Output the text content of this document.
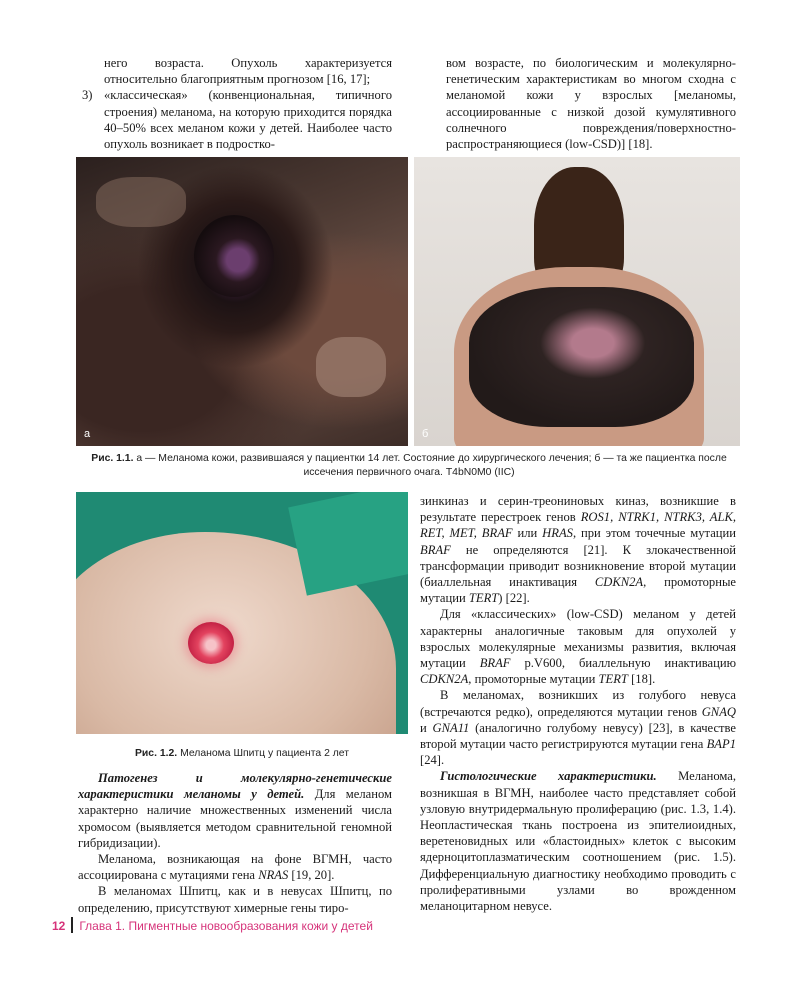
него возраста. Опухоль характеризуется относительно благоприятным прогнозом [16, 17];

3) «классическая» (конвенциональная, типичного строения) меланома, на которую приходится порядка 40–50% всех меланом кожи у детей. Наиболее часто опухоль возникает в подростко-

вом возрасте, по биологическим и молекулярно-генетическим характеристикам во многом сходна с меланомой кожи у взрослых [меланомы, ассоциированные с низкой дозой кумулятивного солнечного повреждения/поверхностно-распространяющиеся (low-CSD)] [18].

а	б
Рис. 1.1. а — Меланома кожи, развившаяся у пациентки 14 лет. Состояние до хирургического лечения; б — та же пациентка после иссечения первичного очага. T4bN0M0 (IIC)
Рис. 1.2. Меланома Шпитц у пациента 2 лет

Патогенез и молекулярно-генетические характеристики меланомы у детей. Для меланом характерно наличие множественных изменений числа хромосом (выявляется методом сравнительной геномной гибридизации).

Меланома, возникающая на фоне ВГМН, часто ассоциирована с мутациями гена NRAS [19, 20].

В меланомах Шпитц, как и в невусах Шпитц, по определению, присутствуют химерные гены тиро-

зинкиназ и серин-треониновых киназ, возникшие в результате перестроек генов ROS1, NTRK1, NTRK3, ALK, RET, MET, BRAF или HRAS, при этом точечные мутации BRAF не определяются [21]. К злокачественной трансформации приводит возникновение второй мутации (биаллельная инактивация CDKN2A, промоторные мутации TERT) [22].

Для «классических» (low-CSD) меланом у детей характерны аналогичные таковым для опухолей у взрослых молекулярные механизмы развития, включая мутации BRAF p.V600, биаллельную инактивацию CDKN2A, промоторные мутации TERT [18].

В меланомах, возникших из голубого невуса (встречаются редко), определяются мутации генов GNAQ и GNA11 (аналогично голубому невусу) [23], в качестве второй мутации часто регистрируются мутации гена BAP1 [24].

Гистологические характеристики. Меланома, возникшая в ВГМН, наиболее часто представляет собой узловую внутридермальную пролиферацию (рис. 1.3, 1.4). Неопластическая ткань построена из эпителиоидных, веретеновидных или «бластоидных» клеток с высоким ядерноцитоплазматическим соотношением (рис. 1.5). Дифференциальную диагностику необходимо проводить с пролиферативными узлами во врожденном меланоцитарном невусе.

12 Глава 1. Пигментные новообразования кожи у детей
